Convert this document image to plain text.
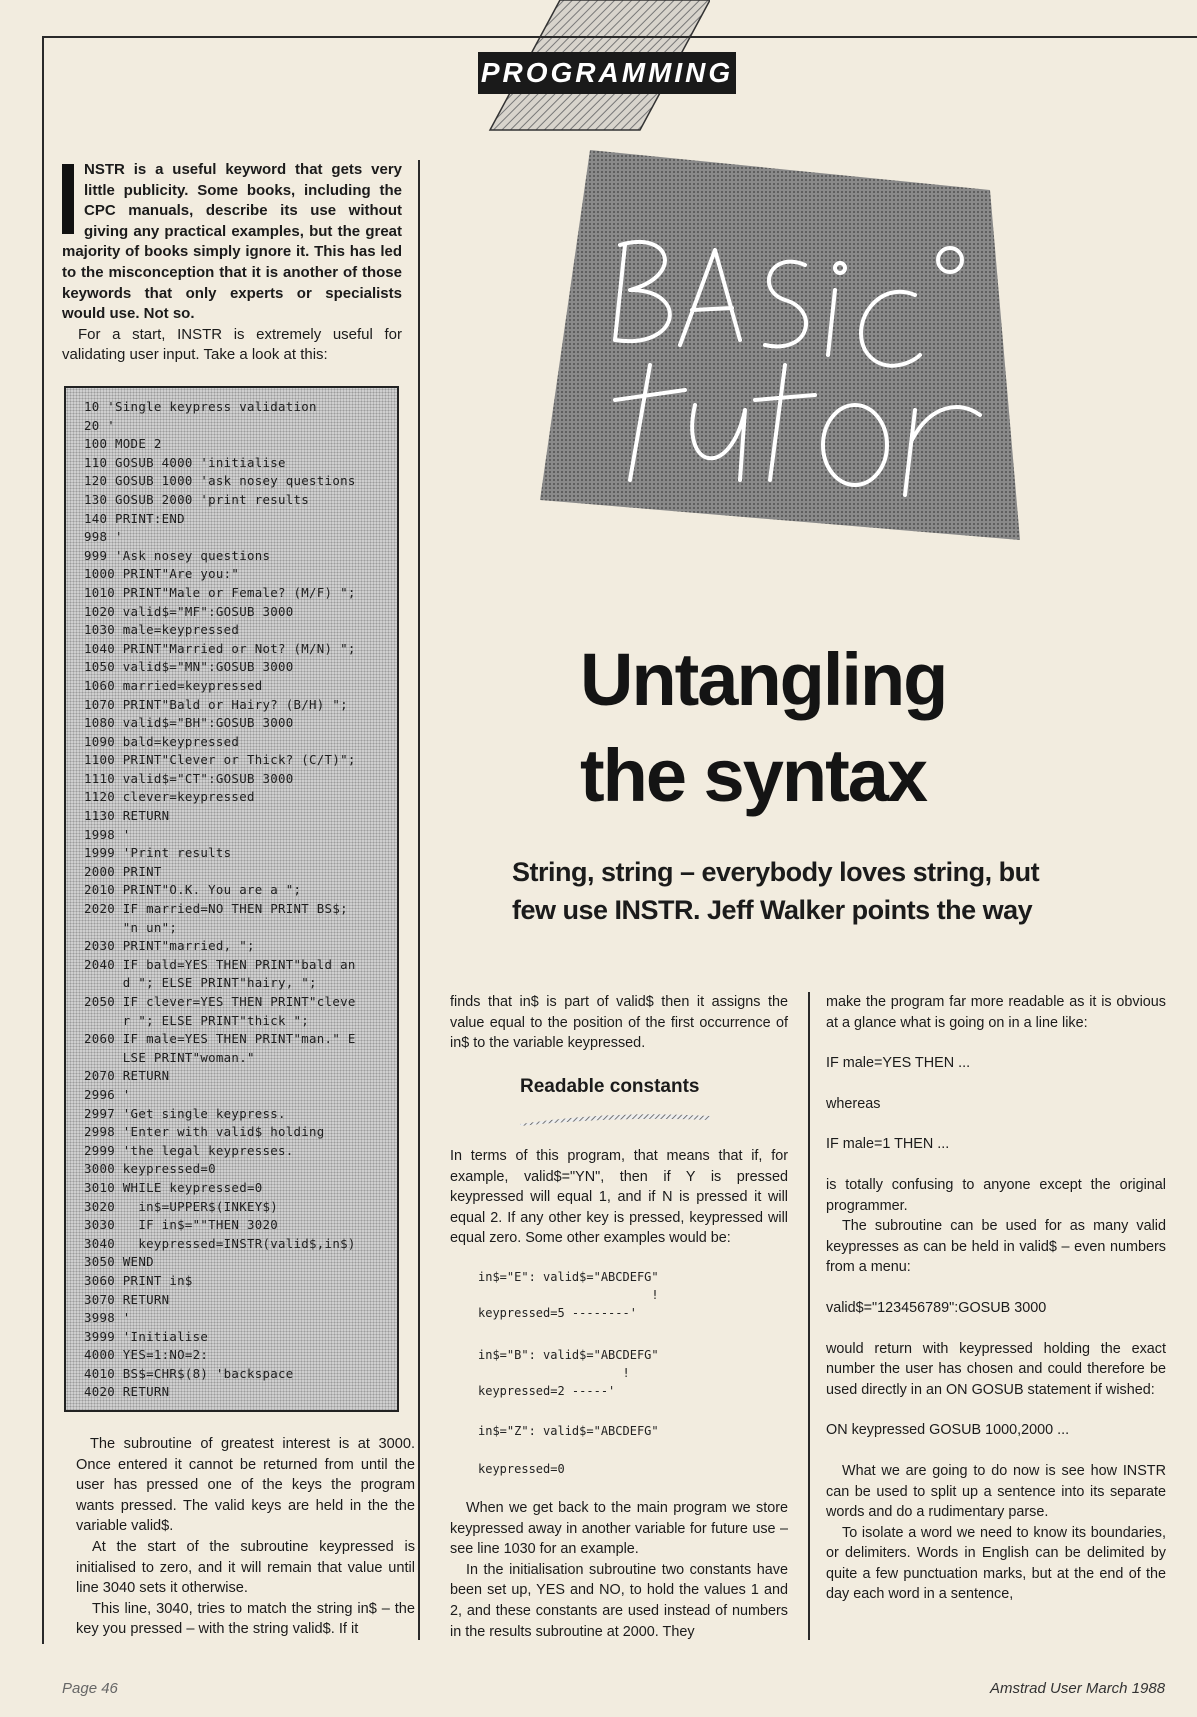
PROGRAMMING

NSTR is a useful keyword that gets very little publicity. Some books, including the CPC manuals, describe its use without giving any practical examples, but the great majority of books simply ignore it. This has led to the misconception that it is another of those keywords that only experts or specialists would use. Not so.

For a start, INSTR is extremely useful for validating user input. Take a look at this:

10 'Single keypress validation
20 '
100 MODE 2
110 GOSUB 4000 'initialise
120 GOSUB 1000 'ask nosey questions
130 GOSUB 2000 'print results
140 PRINT:END
998 '
999 'Ask nosey questions
1000 PRINT"Are you:"
1010 PRINT"Male or Female? (M/F) ";
1020 valid$="MF":GOSUB 3000
1030 male=keypressed
1040 PRINT"Married or Not? (M/N) ";
1050 valid$="MN":GOSUB 3000
1060 married=keypressed
1070 PRINT"Bald or Hairy? (B/H) ";
1080 valid$="BH":GOSUB 3000
1090 bald=keypressed
1100 PRINT"Clever or Thick? (C/T)";
1110 valid$="CT":GOSUB 3000
1120 clever=keypressed
1130 RETURN
1998 '
1999 'Print results
2000 PRINT
2010 PRINT"O.K. You are a ";
2020 IF married=NO THEN PRINT BS$;
"n un";
2030 PRINT"married, ";
2040 IF bald=YES THEN PRINT"bald an
d "; ELSE PRINT"hairy, ";
2050 IF clever=YES THEN PRINT"cleve
r "; ELSE PRINT"thick ";
2060 IF male=YES THEN PRINT"man." E
LSE PRINT"woman."
2070 RETURN
2996 '
2997 'Get single keypress.
2998 'Enter with valid$ holding
2999 'the legal keypresses.
3000 keypressed=0
3010 WHILE keypressed=0
3020   in$=UPPER$(INKEY$)
3030   IF in$=""THEN 3020
3040   keypressed=INSTR(valid$,in$)
3050 WEND
3060 PRINT in$
3070 RETURN
3998 '
3999 'Initialise
4000 YES=1:NO=2:
4010 BS$=CHR$(8) 'backspace
4020 RETURN

The subroutine of greatest interest is at 3000. Once entered it cannot be returned from until the user has pressed one of the keys the program wants pressed. The valid keys are held in the the variable valid$.

At the start of the subroutine keypressed is initialised to zero, and it will remain that value until line 3040 sets it otherwise.

This line, 3040, tries to match the string in$ – the key you pressed – with the string valid$. If it

Untangling
the syntax
String, string – everybody loves string, but
few use INSTR. Jeff Walker points the way

finds that in$ is part of valid$ then it assigns the value equal to the position of the first occurrence of in$ to the variable keypressed.

Readable constants

In terms of this program, that means that if, for example, valid$="YN", then if Y is pressed keypressed will equal 1, and if N is pressed it will equal 2. If any other key is pressed, keypressed will equal zero. Some other examples would be:

in$="E": valid$="ABCDEFG"
!
keypressed=5 --------'
in$="B": valid$="ABCDEFG"
!
keypressed=2 -----'
in$="Z": valid$="ABCDEFG"
keypressed=0

When we get back to the main program we store keypressed away in another variable for future use – see line 1030 for an example.

In the initialisation subroutine two constants have been set up, YES and NO, to hold the values 1 and 2, and these constants are used instead of numbers in the results subroutine at 2000. They

make the program far more readable as it is obvious at a glance what is going on in a line like:

IF male=YES THEN ...

whereas

IF male=1 THEN ...

is totally confusing to anyone except the original programmer.

The subroutine can be used for as many valid keypresses as can be held in valid$ – even numbers from a menu:

valid$="123456789":GOSUB 3000

would return with keypressed holding the exact number the user has chosen and could therefore be used directly in an ON GOSUB statement if wished:

ON keypressed GOSUB 1000,2000 ...

What we are going to do now is see how INSTR can be used to split up a sentence into its separate words and do a rudimentary parse.

To isolate a word we need to know its boundaries, or delimiters. Words in English can be delimited by quite a few punctuation marks, but at the end of the day each word in a sentence,

Page 46	Amstrad User March 1988
